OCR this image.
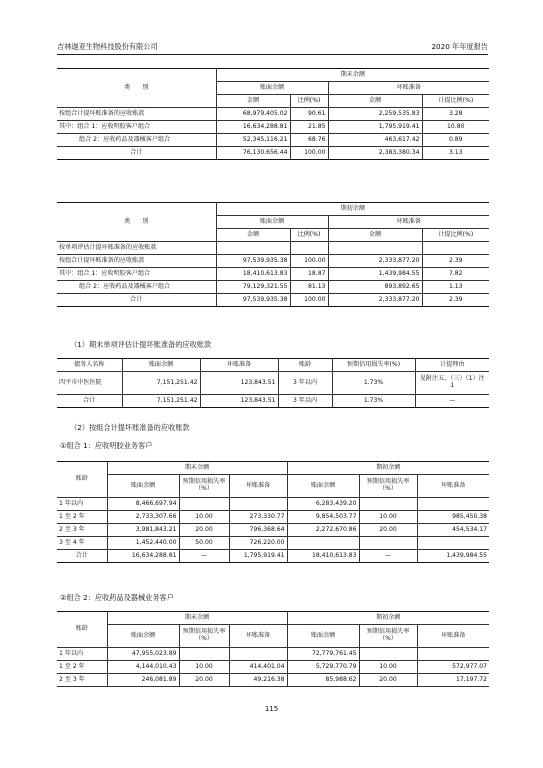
吉林迦亚生物科技股份有限公司	2020 年年度报告
类　　别	期末余额			
	账面余额		坏账准备	
	金额	比例(%)	金额	计提比例(%)
按组合计提坏账准备的应收账款	68,979,405.02	90.61	2,259,535.83	3.28
其中：组合 1：应收明胶客户组合	16,634,288.81	21.85	1,795,919.41	10.80
组合 2：应收药品及器械客户组合	52,345,116.21	68.76	463,617.42	0.89
合计	76,130,656.44	100.00	2,383,380.34	3.13
类　　别	期初余额			
	账面余额		坏账准备	
	金额	比例(%)	金额	计提比例(%)
按单项评估计提坏账准备的应收账款				
按组合计提坏账准备的应收账款	97,539,935.38	100.00	2,333,877.20	2.39
其中：组合 1：应收明胶客户组合	18,410,613.83	18.87	1,439,984.55	7.82
组合 2：应收药品及器械客户组合	79,129,321.55	81.13	893,892.65	1.13
合计	97,539,935.38	100.00	2,333,877.20	2.39
（1）期末单项评估计提坏账准备的应收账款
债务人名称	账面余额	坏账准备	账龄	预期信用损失率(%)	计提理由
四平市中医医院	7,151,251.42	123,843.51	3 年以内	1.73%	见附注五、（三）（1）注 1
合计	7,151,251.42	123,843.51	3 年以内	1.73%	—
（2）按组合计提坏账准备的应收账款
①组合 1：应收明胶业务客户
账龄	期末余额			期初余额		
	账面余额	预期信用损失率（%）	坏账准备	账面余额	预期信用损失率（%）	坏账准备
1 年以内	8,466,697.94			6,283,439.20		
1 至 2 年	2,733,307.66	10.00	273,330.77	9,854,503.77	10.00	985,450.38
2 至 3 年	3,981,843.21	20.00	796,368.64	2,272,670.86	20.00	454,534.17
3 至 4 年	1,452,440.00	50.00	726,220.00			
合计	16,634,288.81	—	1,795,919.41	18,410,613.83	—	1,439,984.55
②组合 2：应收药品及器械业务客户
账龄	期末余额			期初余额		
	账面余额	预期信用损失率（%）	坏账准备	账面余额	预期信用损失率（%）	坏账准备
1 年以内	47,955,023.89			72,779,761.45		
1 至 2 年	4,144,010.43	10.00	414,401.04	5,729,770.79	10.00	572,977.07
2 至 3 年	246,081.89	20.00	49,216.38	85,988.62	20.00	17,197.72
115
